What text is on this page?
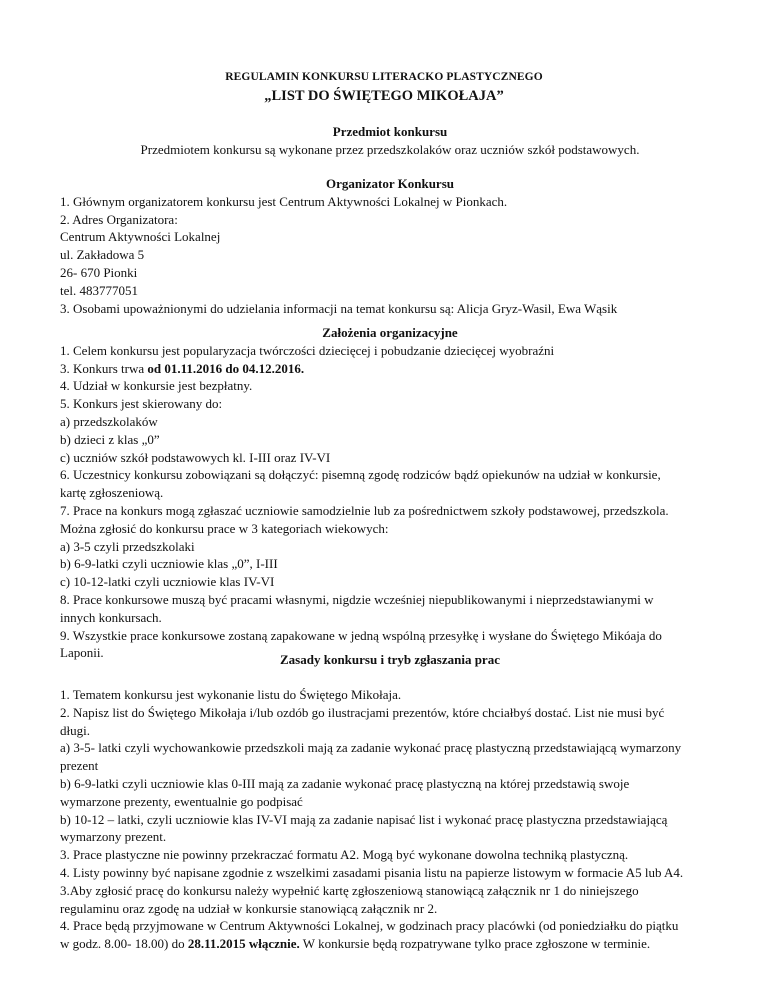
REGULAMIN KONKURSU LITERACKO PLASTYCZNEGO
„LIST DO ŚWIĘTEGO MIKOŁAJA”
Przedmiot konkursu
Przedmiotem konkursu są wykonane przez przedszkolaków oraz uczniów szkół podstawowych.
Organizator Konkursu
1. Głównym organizatorem konkursu jest Centrum Aktywności Lokalnej w Pionkach.
2. Adres Organizatora:
Centrum Aktywności Lokalnej
ul. Zakładowa 5
26- 670 Pionki
tel. 483777051
3. Osobami upoważnionymi do udzielania informacji na temat konkursu są: Alicja Gryz-Wasil, Ewa Wąsik
Założenia organizacyjne
1. Celem konkursu jest popularyzacja twórczości dziecięcej i pobudzanie dziecięcej wyobraźni
3. Konkurs trwa od 01.11.2016 do 04.12.2016.
4. Udział w konkursie jest bezpłatny.
5. Konkurs jest skierowany do:
a) przedszkolaków
b) dzieci z klas „0”
c) uczniów szkół podstawowych kl. I-III oraz IV-VI
6. Uczestnicy konkursu zobowiązani są dołączyć: pisemną zgodę rodziców bądź opiekunów na udział w konkursie,
kartę zgłoszeniową.
7. Prace na konkurs mogą zgłaszać uczniowie samodzielnie lub za pośrednictwem szkoły podstawowej, przedszkola.
Można zgłosić do konkursu prace w 3 kategoriach wiekowych:
a) 3-5 czyli przedszkolaki
b) 6-9-latki czyli uczniowie klas „0”, I-III
c) 10-12-latki czyli uczniowie klas IV-VI
8. Prace konkursowe muszą być pracami własnymi, nigdzie wcześniej niepublikowanymi i nieprzedstawianymi w
innych konkursach.
9. Wszystkie prace konkursowe zostaną zapakowane w jedną wspólną przesyłkę i wysłane do Świętego Mikóaja do
Laponii.	Zasady konkursu i tryb zgłaszania prac
1. Tematem konkursu jest wykonanie listu do Świętego Mikołaja.
2. Napisz list do Świętego Mikołaja i/lub ozdób go ilustracjami prezentów, które chciałbyś dostać. List nie musi być
długi.
a) 3-5- latki czyli wychowankowie przedszkoli mają za zadanie wykonać pracę plastyczną przedstawiającą wymarzony
prezent
b) 6-9-latki czyli uczniowie klas 0-III mają za zadanie wykonać pracę plastyczną na której przedstawią swoje
wymarzone prezenty, ewentualnie go podpisać
b) 10-12 – latki, czyli uczniowie klas IV-VI mają za zadanie napisać list i wykonać pracę plastyczna przedstawiającą
wymarzony prezent.
3. Prace plastyczne nie powinny przekraczać formatu A2. Mogą być wykonane dowolna techniką plastyczną.
4. Listy powinny być napisane zgodnie z wszelkimi zasadami pisania listu na papierze listowym w formacie A5 lub A4.
3.Aby zgłosić pracę do konkursu należy wypełnić kartę zgłoszeniową stanowiącą załącznik nr 1 do niniejszego
regulaminu oraz zgodę na udział w konkursie stanowiącą załącznik nr 2.
4. Prace będą przyjmowane w Centrum Aktywności Lokalnej, w godzinach pracy placówki (od poniedziałku do piątku
w godz. 8.00- 18.00) do 28.11.2015 włącznie. W konkursie będą rozpatrywane tylko prace zgłoszone w terminie.
